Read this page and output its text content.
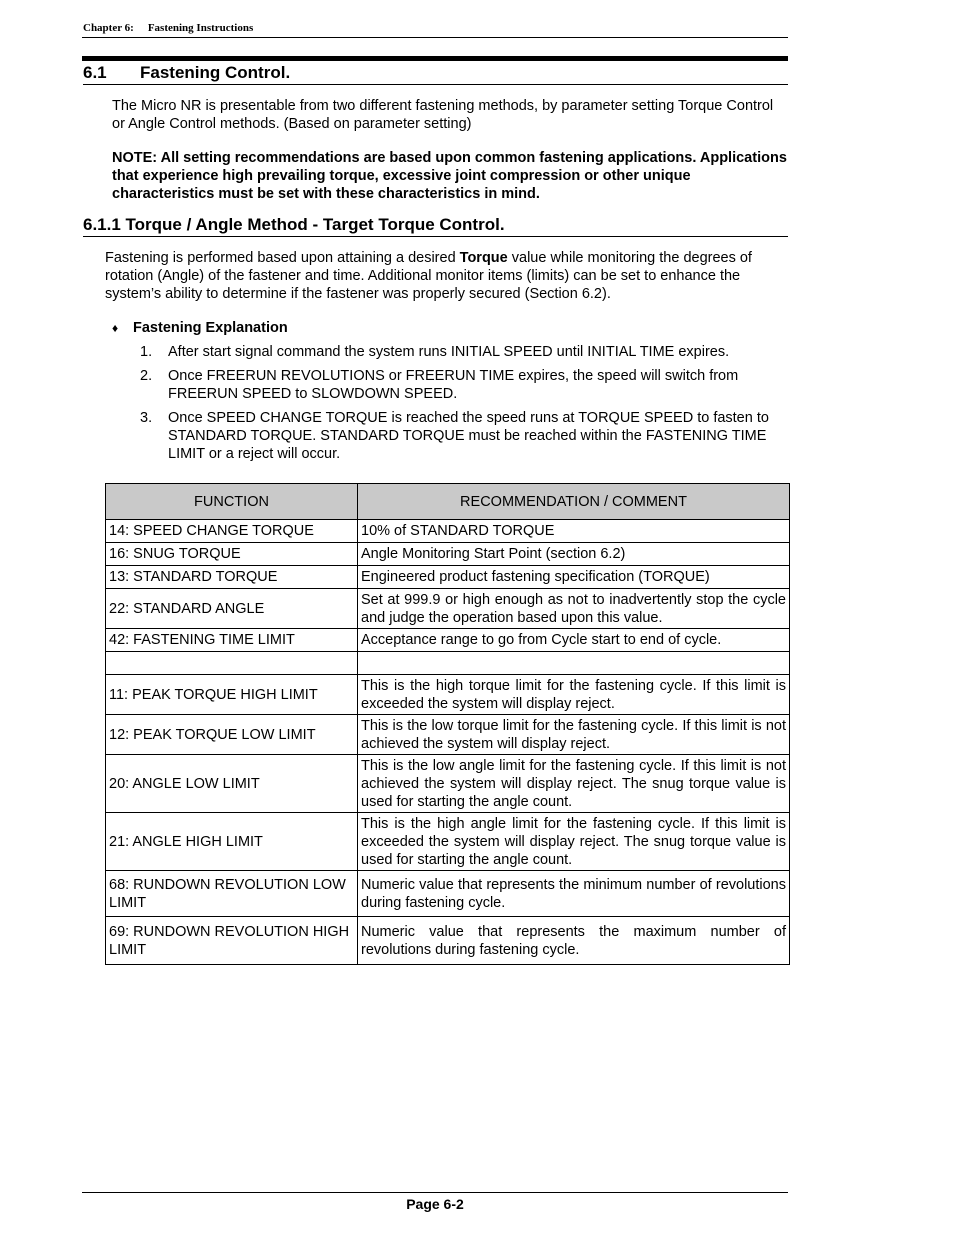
Chapter 6: Fastening Instructions
6.1 Fastening Control.
The Micro NR is presentable from two different fastening methods, by parameter setting Torque Control or Angle Control methods. (Based on parameter setting)
NOTE: All setting recommendations are based upon common fastening applications. Applications that experience high prevailing torque, excessive joint compression or other unique characteristics must be set with these characteristics in mind.
6.1.1 Torque / Angle Method - Target Torque Control.
Fastening is performed based upon attaining a desired Torque value while monitoring the degrees of rotation (Angle) of the fastener and time. Additional monitor items (limits) can be set to enhance the system’s ability to determine if the fastener was properly secured (Section 6.2).
♦ Fastening Explanation
1. After start signal command the system runs INITIAL SPEED until INITIAL TIME expires.
2. Once FREERUN REVOLUTIONS or FREERUN TIME expires, the speed will switch from FREERUN SPEED to SLOWDOWN SPEED.
3. Once SPEED CHANGE TORQUE is reached the speed runs at TORQUE SPEED to fasten to STANDARD TORQUE. STANDARD TORQUE must be reached within the FASTENING TIME LIMIT or a reject will occur.
FUNCTION	RECOMMENDATION / COMMENT
14: SPEED CHANGE TORQUE	10% of STANDARD TORQUE
16: SNUG TORQUE	Angle Monitoring Start Point (section 6.2)
13: STANDARD TORQUE	Engineered product fastening specification (TORQUE)
22: STANDARD ANGLE	Set at 999.9 or high enough as not to inadvertently stop the cycle and judge the operation based upon this value.
42: FASTENING TIME LIMIT	Acceptance range to go from Cycle start to end of cycle.

11: PEAK TORQUE HIGH LIMIT	This is the high torque limit for the fastening cycle. If this limit is exceeded the system will display reject.
12: PEAK TORQUE LOW LIMIT	This is the low torque limit for the fastening cycle. If this limit is not achieved the system will display reject.
20: ANGLE LOW LIMIT	This is the low angle limit for the fastening cycle. If this limit is not achieved the system will display reject. The snug torque value is used for starting the angle count.
21: ANGLE HIGH LIMIT	This is the high angle limit for the fastening cycle. If this limit is exceeded the system will display reject. The snug torque value is used for starting the angle count.
68: RUNDOWN REVOLUTION LOW LIMIT	Numeric value that represents the minimum number of revolutions during fastening cycle.
69: RUNDOWN REVOLUTION HIGH LIMIT	Numeric value that represents the maximum number of revolutions during fastening cycle.
Page 6-2
